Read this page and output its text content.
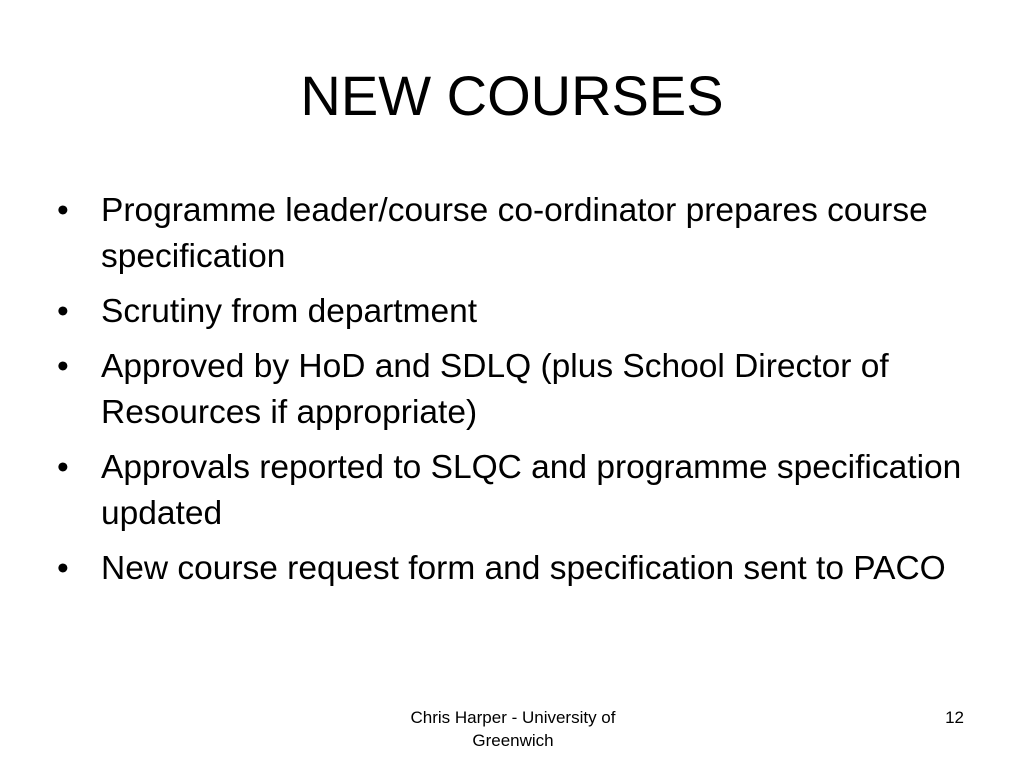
NEW COURSES
• Programme leader/course co-ordinator prepares course specification
• Scrutiny from department
• Approved by HoD and SDLQ (plus School Director of Resources if appropriate)
• Approvals reported to SLQC and programme specification updated
• New course request form and specification sent to PACO
Chris Harper - University of Greenwich
12
